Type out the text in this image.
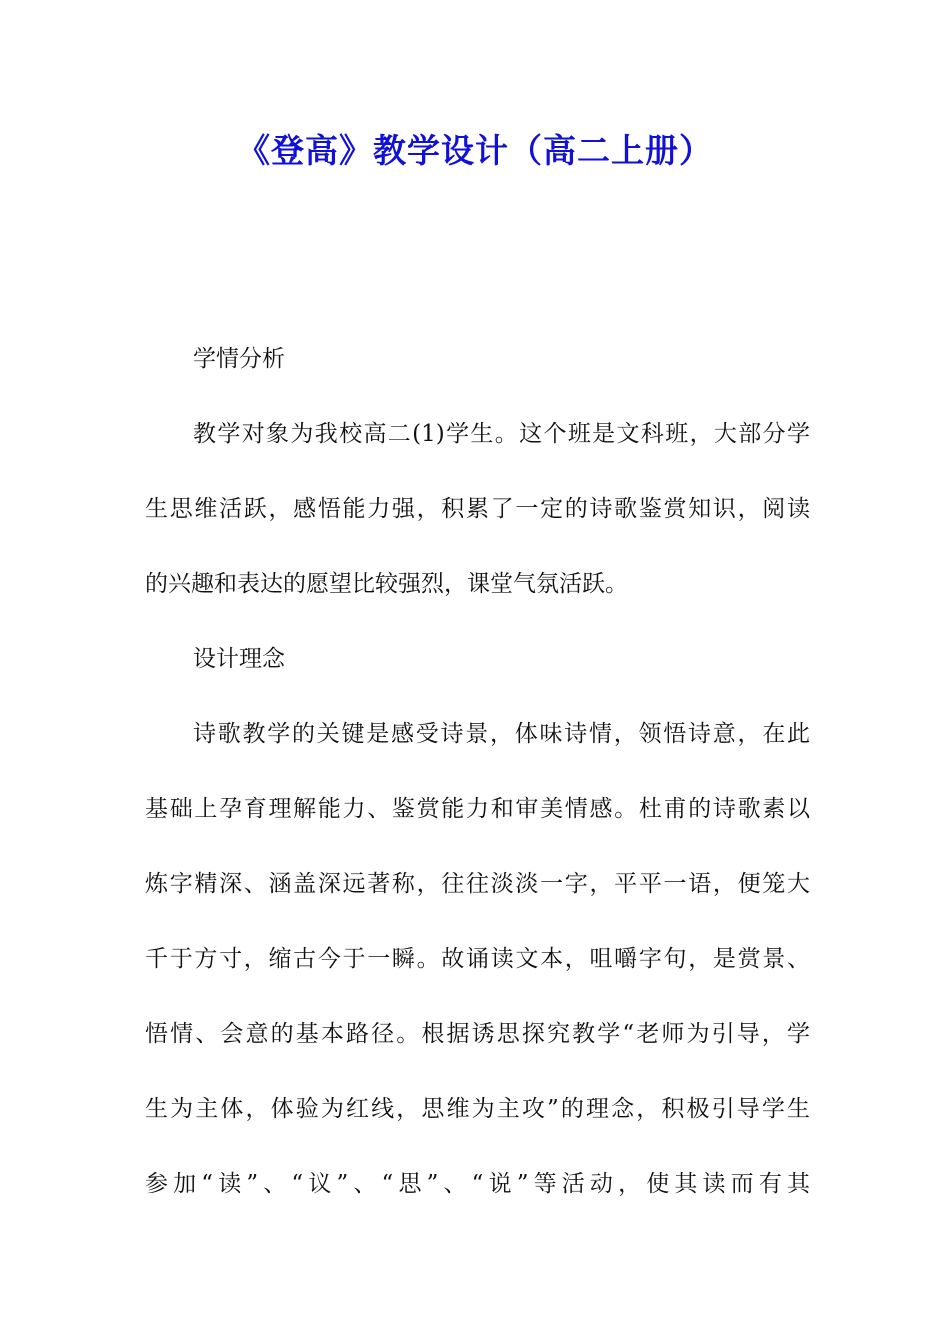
《登高》教学设计（高二上册）

学情分析

教学对象为我校高二(1)学生。这个班是文科班，大部分学

生思维活跃，感悟能力强，积累了一定的诗歌鉴赏知识，阅读

的兴趣和表达的愿望比较强烈，课堂气氛活跃。

设计理念

诗歌教学的关键是感受诗景，体味诗情，领悟诗意，在此

基础上孕育理解能力、鉴赏能力和审美情感。杜甫的诗歌素以

炼字精深、涵盖深远著称，往往淡淡一字，平平一语，便笼大

千于方寸，缩古今于一瞬。故诵读文本，咀嚼字句，是赏景、

悟情、会意的基本路径。根据诱思探究教学“老师为引导，学

生为主体，体验为红线，思维为主攻”的理念，积极引导学生

参加“读”、“议”、“思”、“说”等活动，使其读而有其
